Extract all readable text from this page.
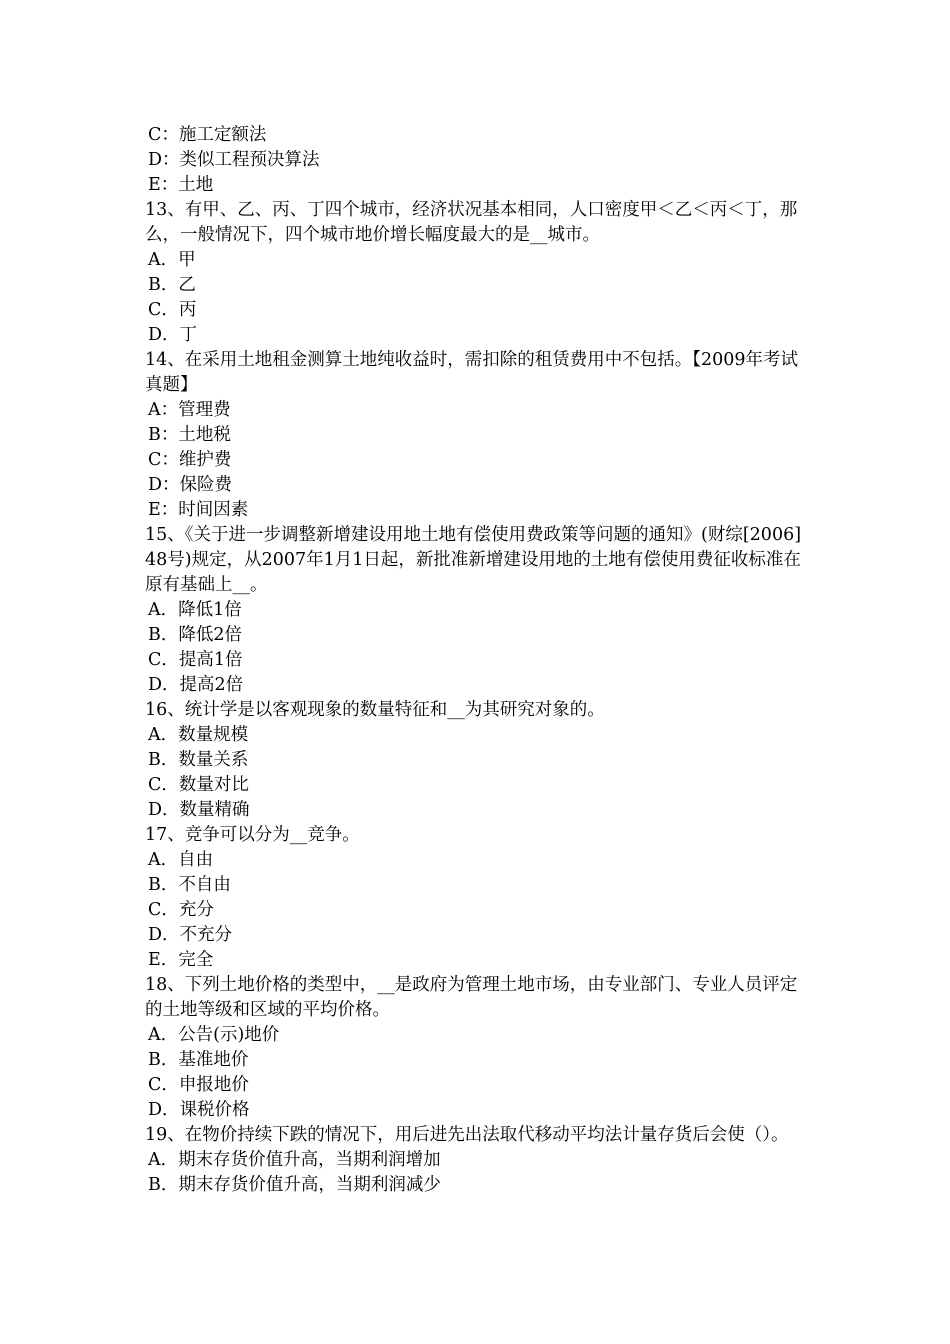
C：施工定额法

D：类似工程预决算法

E：土地

13、有甲、乙、丙、丁四个城市，经济状况基本相同，人口密度甲＜乙＜丙＜丁，那么，一般情况下，四个城市地价增长幅度最大的是__城市。

A．甲

B．乙

C．丙

D．丁

14、在采用土地租金测算土地纯收益时，需扣除的租赁费用中不包括。【2009年考试真题】

A：管理费

B：土地税

C：维护费

D：保险费

E：时间因素

15、《关于进一步调整新增建设用地土地有偿使用费政策等问题的通知》(财综[2006]48号)规定，从2007年1月1日起，新批准新增建设用地的土地有偿使用费征收标准在原有基础上__。

A．降低1倍

B．降低2倍

C．提高1倍

D．提高2倍

16、统计学是以客观现象的数量特征和__为其研究对象的。

A．数量规模

B．数量关系

C．数量对比

D．数量精确

17、竞争可以分为__竞争。

A．自由

B．不自由

C．充分

D．不充分

E．完全

18、下列土地价格的类型中，__是政府为管理土地市场，由专业部门、专业人员评定的土地等级和区域的平均价格。

A．公告(示)地价

B．基准地价

C．申报地价

D．课税价格

19、在物价持续下跌的情况下，用后进先出法取代移动平均法计量存货后会使（）。

A．期末存货价值升高，当期利润增加

B．期末存货价值升高，当期利润减少
